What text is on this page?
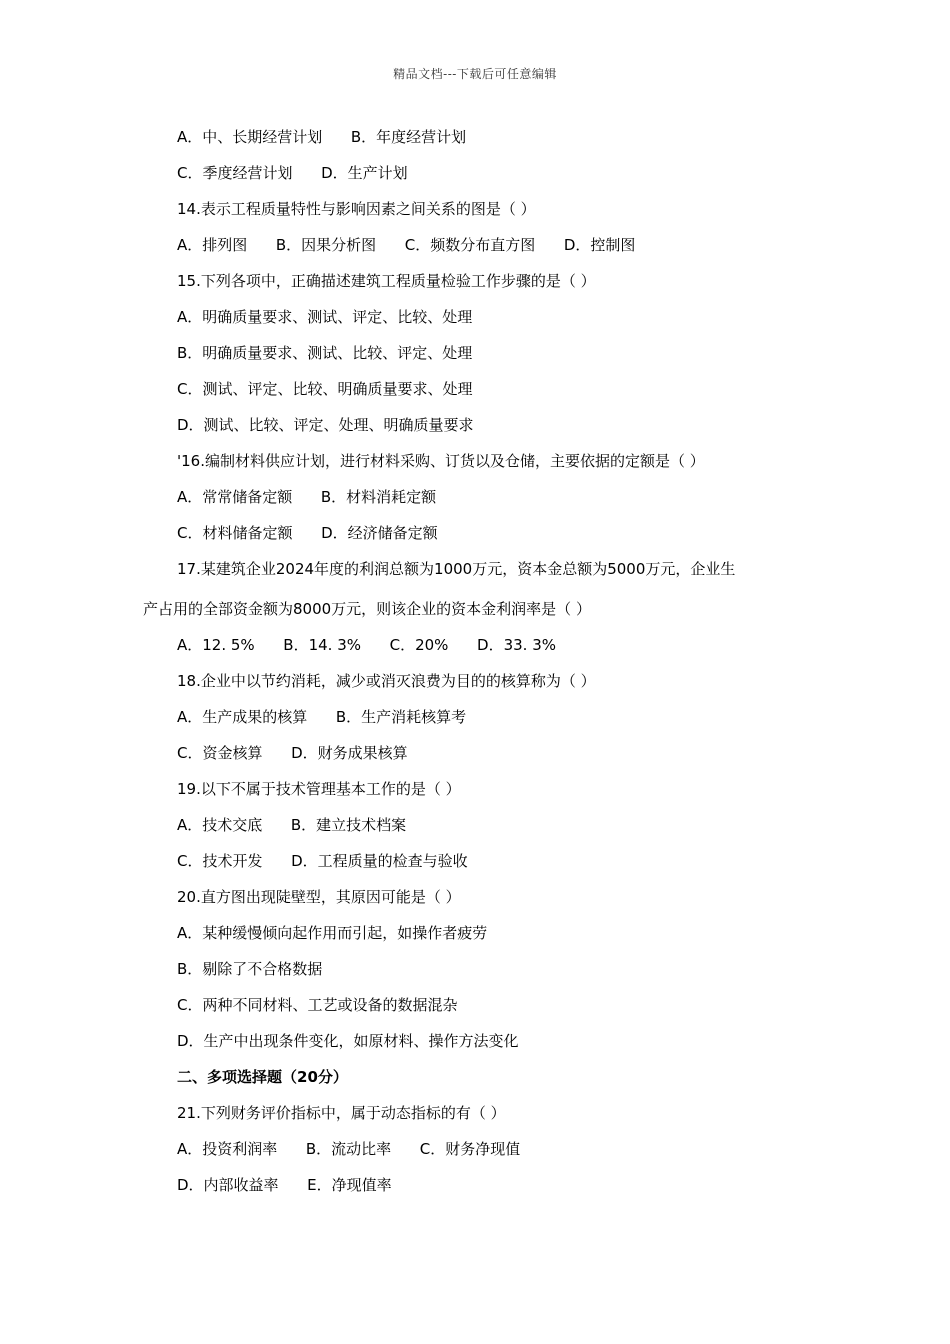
精品文档---下载后可任意编辑
A．中、长期经营计划      B．年度经营计划
C．季度经营计划      D．生产计划
14.表示工程质量特性与影响因素之间关系的图是（ ）
A．排列图      B．因果分析图      C．频数分布直方图      D．控制图
15.下列各项中，正确描述建筑工程质量检验工作步骤的是（ ）
A．明确质量要求、测试、评定、比较、处理
B．明确质量要求、测试、比较、评定、处理
C．测试、评定、比较、明确质量要求、处理
D．测试、比较、评定、处理、明确质量要求
'16.编制材料供应计划，进行材料采购、订货以及仓储，主要依据的定额是（ ）
A．常常储备定额      B．材料消耗定额
C．材料储备定额      D．经济储备定额
17.某建筑企业2024年度的利润总额为1000万元，资本金总额为5000万元，企业生
产占用的全部资金额为8000万元，则该企业的资本金利润率是（ ）
A．12. 5%      B．14. 3%      C．20%      D．33. 3%
18.企业中以节约消耗，减少或消灭浪费为目的的核算称为（ ）
A．生产成果的核算      B．生产消耗核算考
C．资金核算      D．财务成果核算
19.以下不属于技术管理基本工作的是（ ）
A．技术交底      B．建立技术档案
C．技术开发      D．工程质量的检查与验收
20.直方图出现陡壁型，其原因可能是（ ）
A．某种缓慢倾向起作用而引起，如操作者疲劳
B．剔除了不合格数据
C．两种不同材料、工艺或设备的数据混杂
D．生产中出现条件变化，如原材料、操作方法变化
二、多项选择题（20分）
21.下列财务评价指标中，属于动态指标的有（ ）
A．投资利润率      B．流动比率      C．财务净现值
D．内部收益率      E．净现值率
